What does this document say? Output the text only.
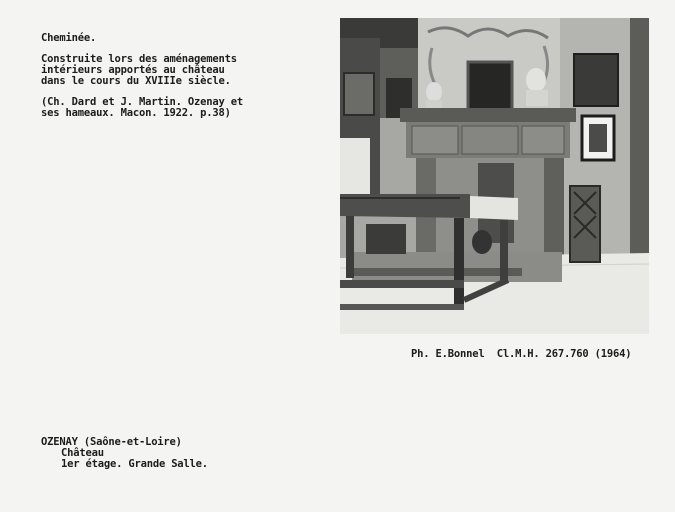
Cheminée.
Construite lors des aménagements
intérieurs apportés au château
dans le cours du XVIIIe siècle.
(Ch. Dard et J. Martin. Ozenay et
ses hameaux. Macon. 1922. p.38)
Ph. E.Bonnel  Cl.M.H. 267.760 (1964)
OZENAY (Saône-et-Loire)
Château
1er étage. Grande Salle.
